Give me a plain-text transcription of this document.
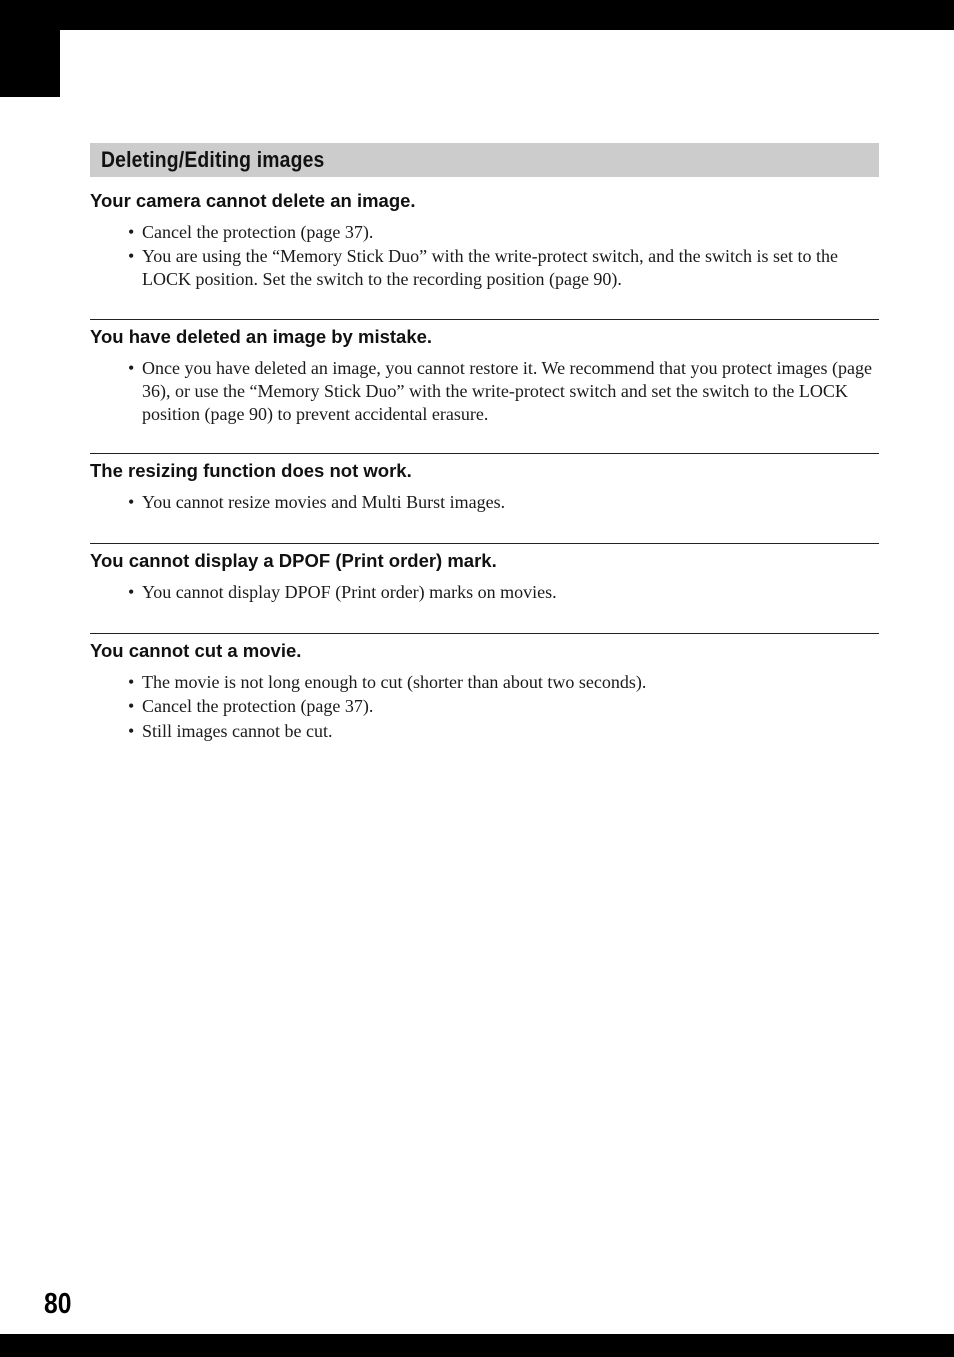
Deleting/Editing images
Your camera cannot delete an image.
• Cancel the protection (page 37).
• You are using the “Memory Stick Duo” with the write-protect switch, and the switch is set to the LOCK position. Set the switch to the recording position (page 90).
You have deleted an image by mistake.
• Once you have deleted an image, you cannot restore it. We recommend that you protect images (page 36), or use the “Memory Stick Duo” with the write-protect switch and set the switch to the LOCK position (page 90) to prevent accidental erasure.
The resizing function does not work.
• You cannot resize movies and Multi Burst images.
You cannot display a DPOF (Print order) mark.
• You cannot display DPOF (Print order) marks on movies.
You cannot cut a movie.
• The movie is not long enough to cut (shorter than about two seconds).
• Cancel the protection (page 37).
• Still images cannot be cut.
80
